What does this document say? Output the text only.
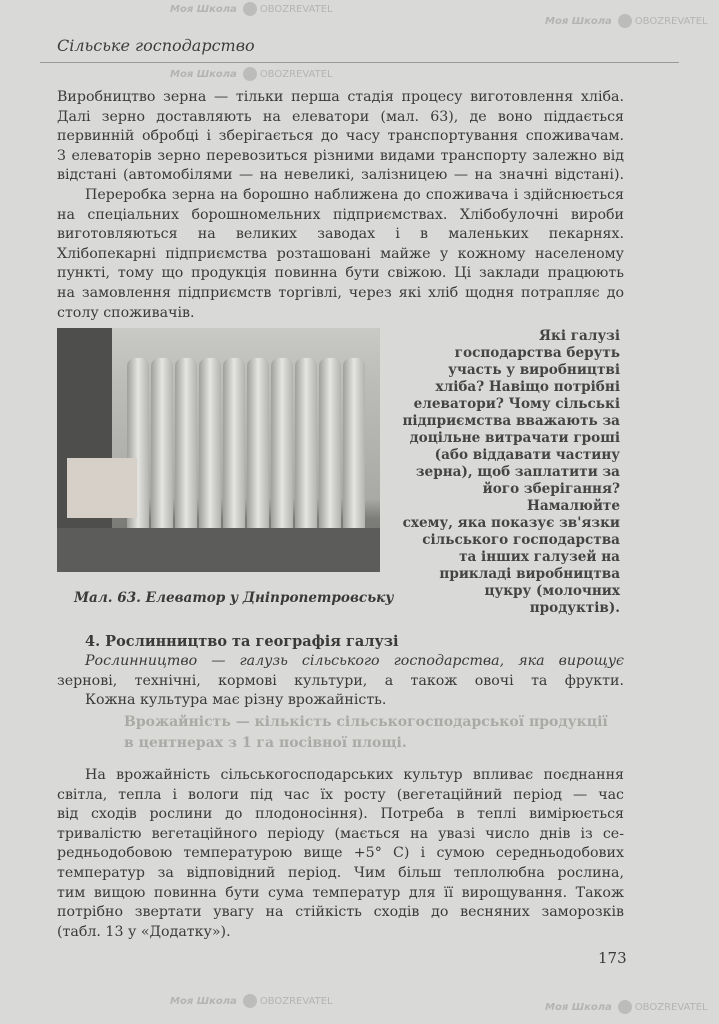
Сільське господарство
Виробництво зерна — тільки перша стадія процесу виготовлення хліба.
Далі зерно доставляють на елеватори (мал. 63), де воно піддається
первинній обробці і зберігається до часу транспортування споживачам.
З елеваторів зерно перевозиться різними видами транспорту залежно від
відстані (автомобілями — на невеликі, залізницею — на значні відстані).
Переробка зерна на борошно наближена до споживача і здійснюється
на спеціальних борошномельних підприємствах. Хлібобулочні вироби
виготовляються на великих заводах і в маленьких пекарнях.
Хлібопекарні підприємства розташовані майже у кожному населеному
пункті, тому що продукція повинна бути свіжою. Ці заклади працюють
на замовлення підприємств торгівлі, через які хліб щодня потрапляє до
столу споживачів.
Які галузі
господарства беруть
участь у виробництві
хліба? Навіщо потрібні
елеватори? Чому сільські
підприємства вважають за
доцільне витрачати гроші
(або віддавати частину
зерна), щоб заплатити за
його зберігання? Намалюйте
схему, яка показує зв'язки
сільського господарства
та інших галузей на
прикладі виробництва
цукру (молочних
продуктів).
Мал. 63. Елеватор у Дніпропетровську
4. Рослинництво та географія галузі
Рослинництво — галузь сільського господарства, яка вирощує
зернові, технічні, кормові культури, а також овочі та фрукти.
Кожна культура має різну врожайність.
Врожайність — кількість сільськогосподарської продукції
в центнерах з 1 га посівної площі.
На врожайність сільськогосподарських культур впливає поєднання
світла, тепла і вологи під час їх росту (вегетаційний період — час
від сходів рослини до плодоносіння). Потреба в теплі вимірюється
тривалістю вегетаційного періоду (мається на увазі число днів із се-
редньодобовою температурою вище +5° С) і сумою середньодобових
температур за відповідний період. Чим більш теплолюбна рослина,
тим вищою повинна бути сума температур для її вирощування. Також
потрібно звертати увагу на стійкість сходів до весняних заморозків
(табл. 13 у «Додатку»).
173
Моя Школа OBOZREVATEL
Моя Школа OBOZREVATEL
Моя Школа OBOZREVATEL
Моя Школа OBOZREVATEL
Моя Школа OBOZREVATEL
